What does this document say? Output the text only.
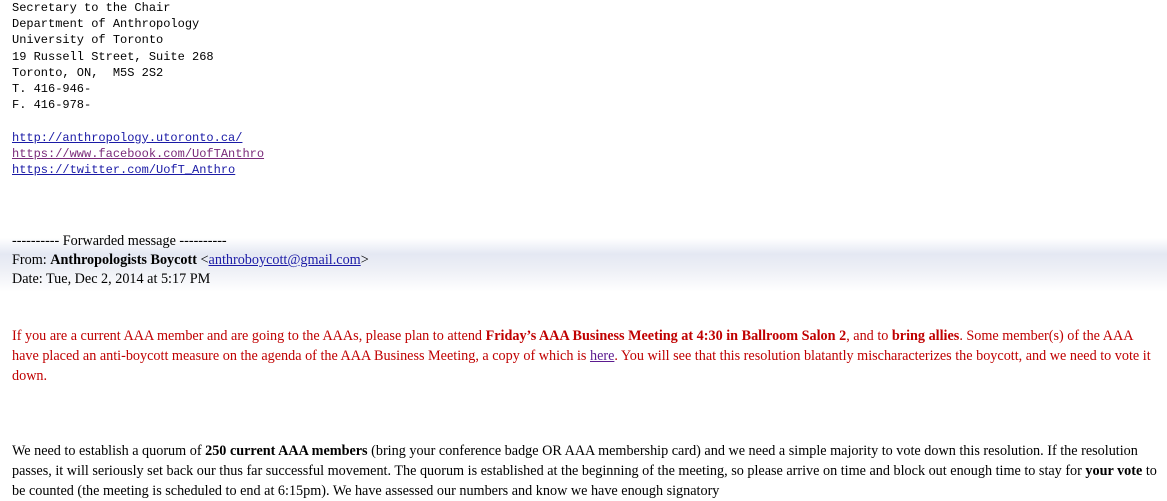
Secretary to the Chair
Department of Anthropology
University of Toronto
19 Russell Street, Suite 268
Toronto, ON,  M5S 2S2
T. 416-946-
F. 416-978-
http://anthropology.utoronto.ca/
https://www.facebook.com/UofTAnthro
https://twitter.com/UofT_Anthro
---------- Forwarded message ----------
From: Anthropologists Boycott <anthroboycott@gmail.com>
Date: Tue, Dec 2, 2014 at 5:17 PM
If you are a current AAA member and are going to the AAAs, please plan to attend Friday’s AAA Business Meeting at 4:30 in Ballroom Salon 2, and to bring allies. Some member(s) of the AAA have placed an anti-boycott measure on the agenda of the AAA Business Meeting, a copy of which is here. You will see that this resolution blatantly mischaracterizes the boycott, and we need to vote it down.
We need to establish a quorum of 250 current AAA members (bring your conference badge OR AAA membership card) and we need a simple majority to vote down this resolution. If the resolution passes, it will seriously set back our thus far successful movement. The quorum is established at the beginning of the meeting, so please arrive on time and block out enough time to stay for your vote to be counted (the meeting is scheduled to end at 6:15pm). We have assessed our numbers and know we have enough signatory
